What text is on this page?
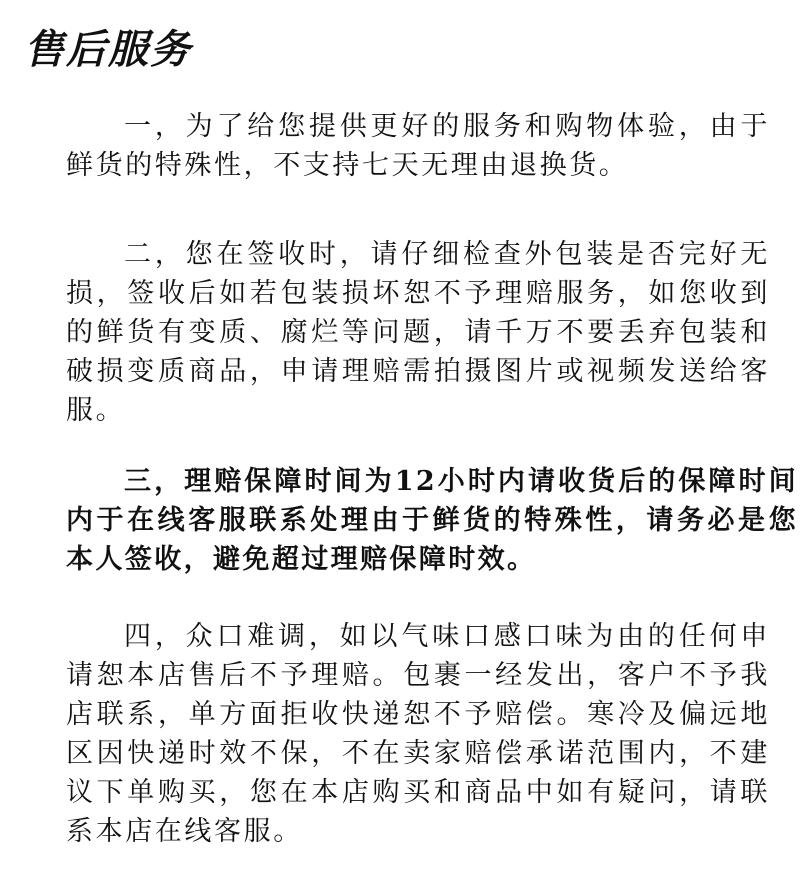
售后服务

一，为了给您提供更好的服务和购物体验，由于鲜货的特殊性，不支持七天无理由退换货。

二，您在签收时，请仔细检查外包装是否完好无损，签收后如若包装损坏恕不予理赔服务，如您收到的鲜货有变质、腐烂等问题，请千万不要丢弃包装和破损变质商品，申请理赔需拍摄图片或视频发送给客服。

三，理赔保障时间为12小时内请收货后的保障时间内于在线客服联系处理由于鲜货的特殊性，请务必是您本人签收，避免超过理赔保障时效。

四，众口难调，如以气味口感口味为由的任何申请恕本店售后不予理赔。包裹一经发出，客户不予我店联系，单方面拒收快递恕不予赔偿。寒冷及偏远地区因快递时效不保，不在卖家赔偿承诺范围内，不建议下单购买，您在本店购买和商品中如有疑问，请联系本店在线客服。
